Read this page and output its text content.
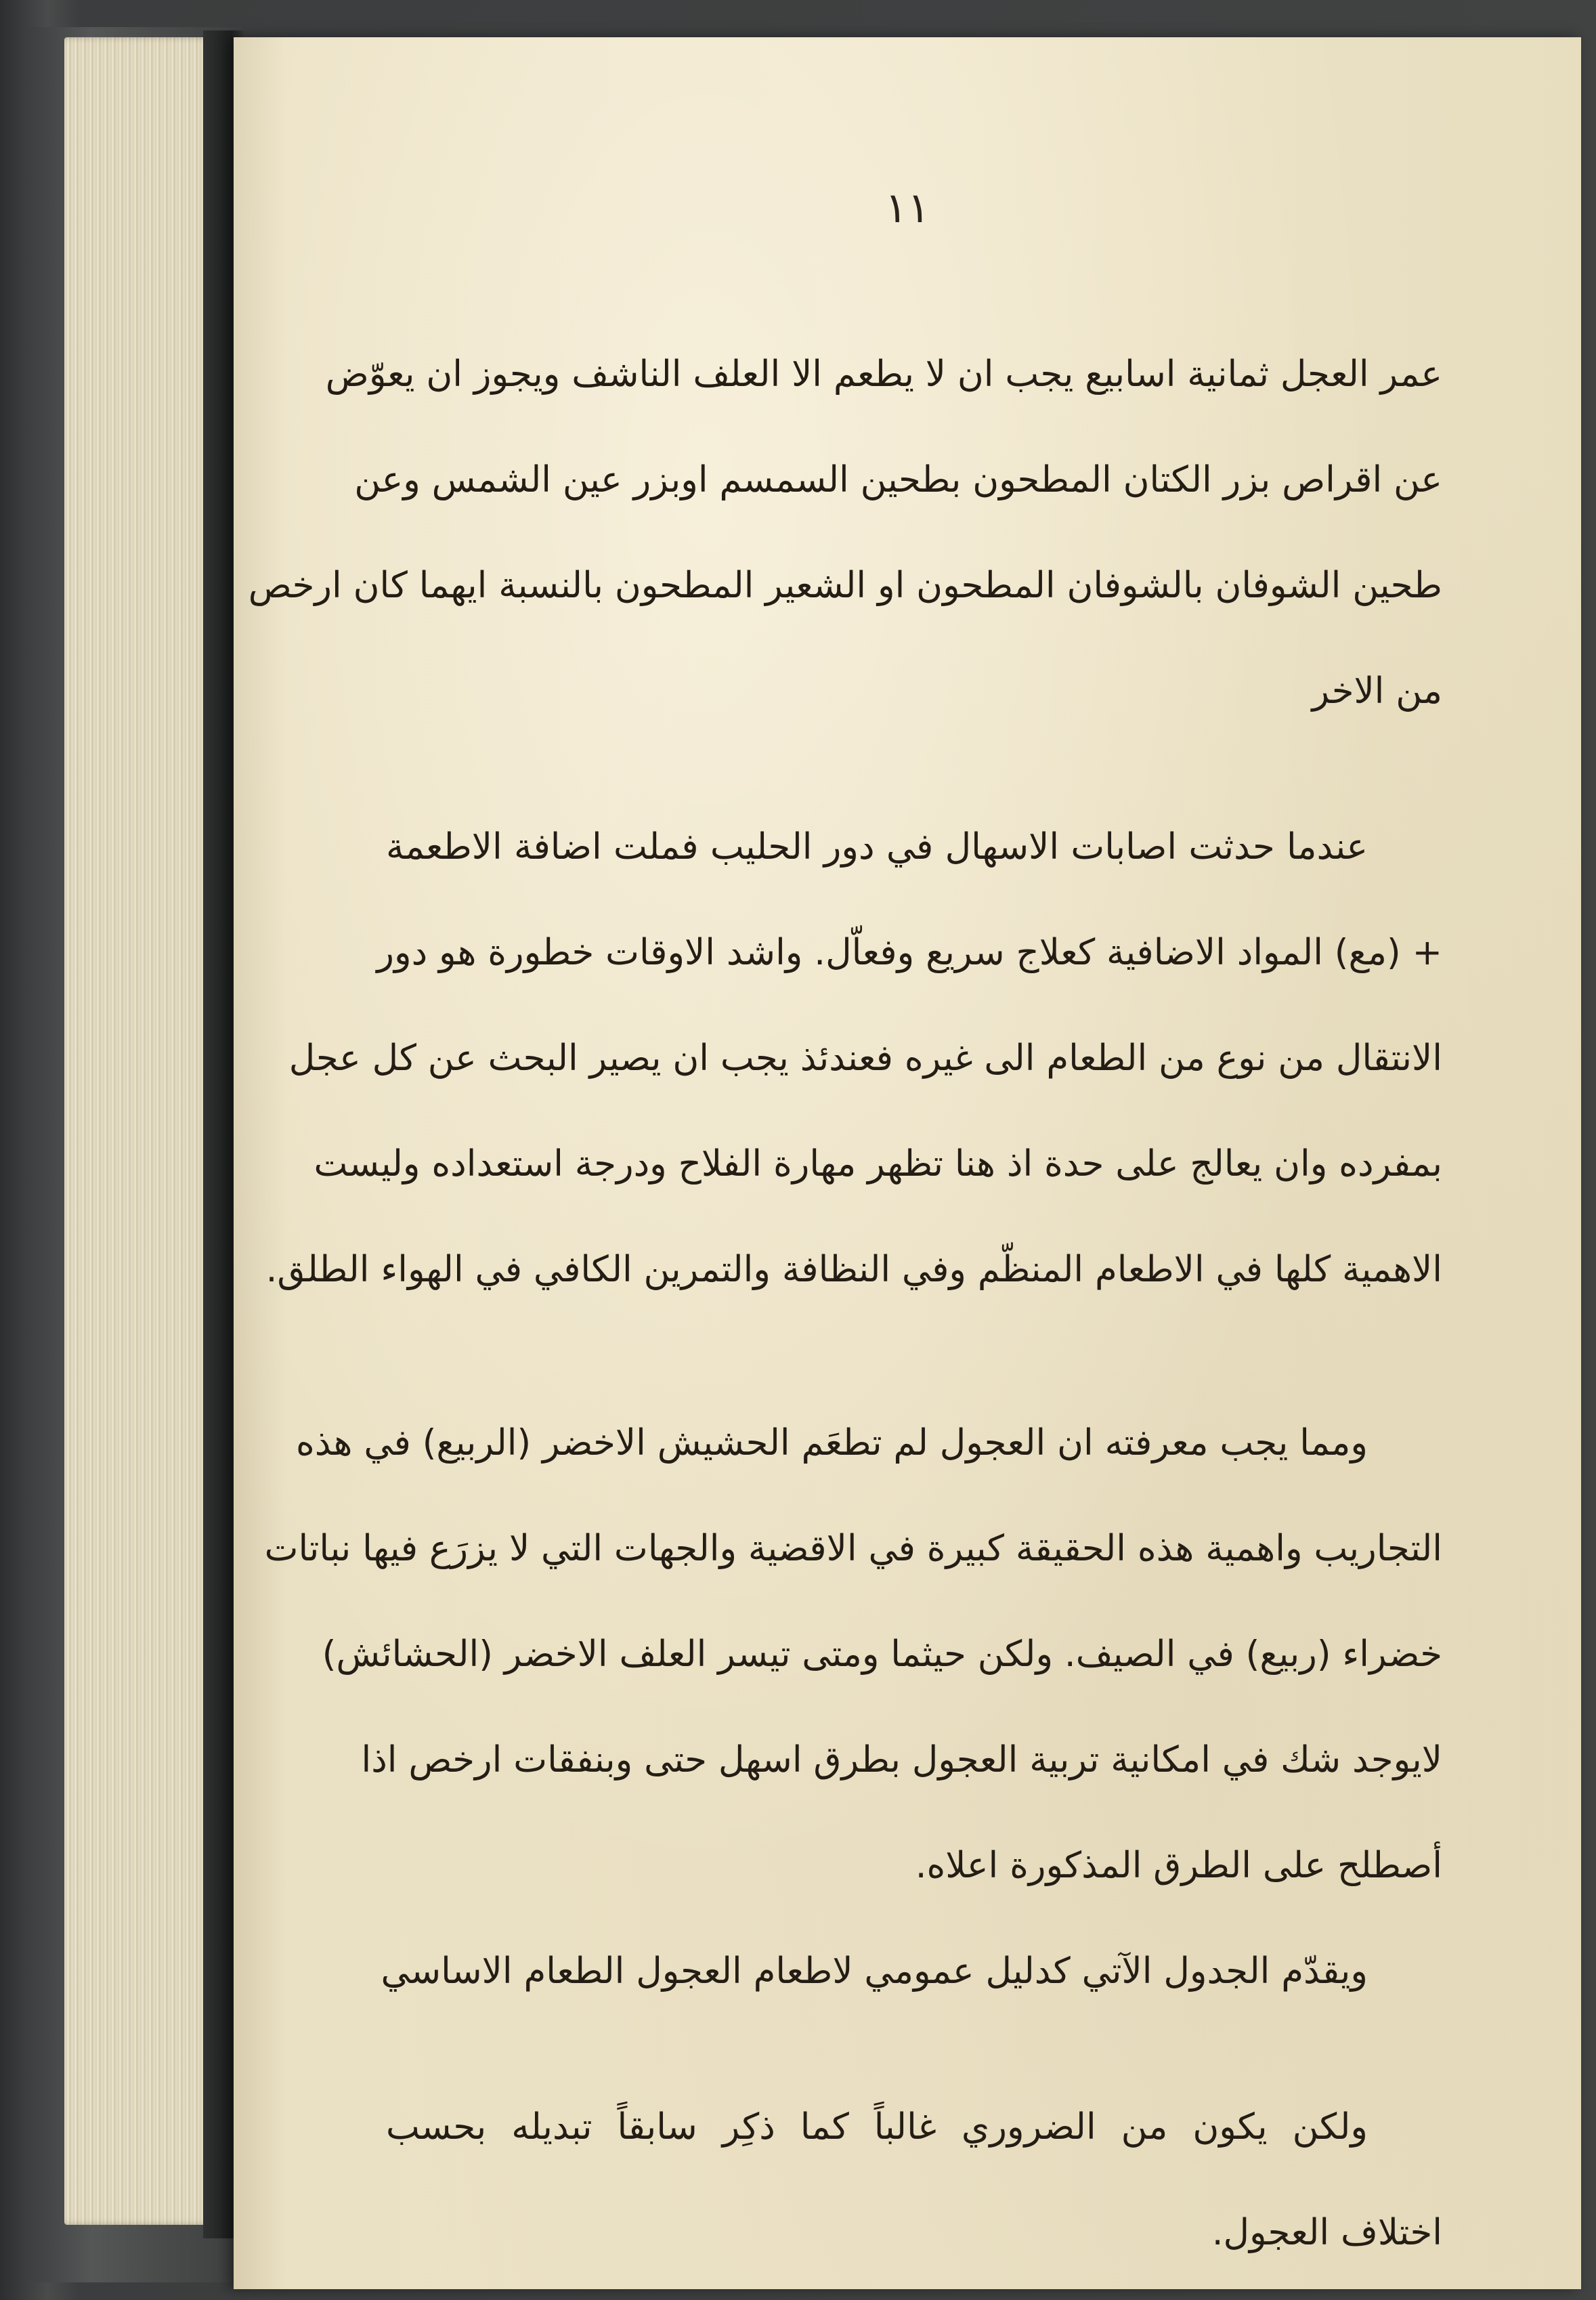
١١
عمر العجل ثمانية اسابيع يجب ان لا يطعم الا العلف الناشف ويجوز ان يعوّض
عن اقراص بزر الكتان المطحون بطحين السمسم اوبزر عين الشمس وعن
طحين الشوفان بالشوفان المطحون او الشعير المطحون بالنسبة ايهما كان ارخص
من الاخر
عندما حدثت اصابات الاسهال في دور الحليب فملت اضافة الاطعمة
+ (مع) المواد الاضافية كعلاج سريع وفعاّل. واشد الاوقات خطورة هو دور
الانتقال من نوع من الطعام الى غيره فعندئذ يجب ان يصير البحث عن كل عجل
بمفرده وان يعالج على حدة اذ هنا تظهر مهارة الفلاح ودرجة استعداده وليست
الاهمية كلها في الاطعام المنظّم وفي النظافة والتمرين الكافي في الهواء الطلق.
ومما يجب معرفته ان العجول لم تطعَم الحشيش الاخضر (الربيع) في هذه
التجاريب واهمية هذه الحقيقة كبيرة في الاقضية والجهات التي لا يزرَع فيها نباتات
خضراء (ربيع) في الصيف. ولكن حيثما ومتى تيسر العلف الاخضر (الحشائش)
لايوجد شك في امكانية تربية العجول بطرق اسهل حتى وبنفقات ارخص اذا
أصطلح على الطرق المذكورة اعلاه.
ويقدّم الجدول الآتي كدليل عمومي لاطعام العجول الطعام الاساسي
ولكن يكون من الضروري غالباً كما ذكِر سابقاً تبديله بحسب
اختلاف العجول.
